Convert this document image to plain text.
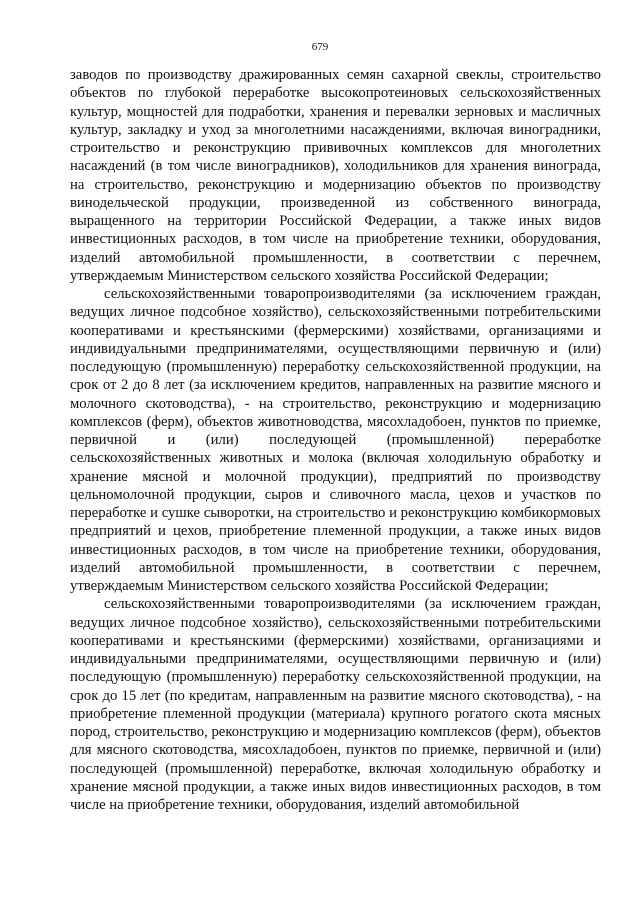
679

заводов по производству дражированных семян сахарной свеклы, строительство объектов по глубокой переработке высокопротеиновых сельскохозяйственных культур, мощностей для подработки, хранения и перевалки зерновых и масличных культур, закладку и уход за многолетними насаждениями, включая виноградники, строительство и реконструкцию прививочных комплексов для многолетних насаждений (в том числе виноградников), холодильников для хранения винограда, на строительство, реконструкцию и модернизацию объектов по производству винодельческой продукции, произведенной из собственного винограда, выращенного на территории Российской Федерации, а также иных видов инвестиционных расходов, в том числе на приобретение техники, оборудования, изделий автомобильной промышленности, в соответствии с перечнем, утверждаемым Министерством сельского хозяйства Российской Федерации;

сельскохозяйственными товаропроизводителями (за исключением граждан, ведущих личное подсобное хозяйство), сельскохозяйственными потребительскими кооперативами и крестьянскими (фермерскими) хозяйствами, организациями и индивидуальными предпринимателями, осуществляющими первичную и (или) последующую (промышленную) переработку сельскохозяйственной продукции, на срок от 2 до 8 лет (за исключением кредитов, направленных на развитие мясного и молочного скотоводства), - на строительство, реконструкцию и модернизацию комплексов (ферм), объектов животноводства, мясохладобоен, пунктов по приемке, первичной и (или) последующей (промышленной) переработке сельскохозяйственных животных и молока (включая холодильную обработку и хранение мясной и молочной продукции), предприятий по производству цельномолочной продукции, сыров и сливочного масла, цехов и участков по переработке и сушке сыворотки, на строительство и реконструкцию комбикормовых предприятий и цехов, приобретение племенной продукции, а также иных видов инвестиционных расходов, в том числе на приобретение техники, оборудования, изделий автомобильной промышленности, в соответствии с перечнем, утверждаемым Министерством сельского хозяйства Российской Федерации;

сельскохозяйственными товаропроизводителями (за исключением граждан, ведущих личное подсобное хозяйство), сельскохозяйственными потребительскими кооперативами и крестьянскими (фермерскими) хозяйствами, организациями и индивидуальными предпринимателями, осуществляющими первичную и (или) последующую (промышленную) переработку сельскохозяйственной продукции, на срок до 15 лет (по кредитам, направленным на развитие мясного скотоводства), - на приобретение племенной продукции (материала) крупного рогатого скота мясных пород, строительство, реконструкцию и модернизацию комплексов (ферм), объектов для мясного скотоводства, мясохладобоен, пунктов по приемке, первичной и (или) последующей (промышленной) переработке, включая холодильную обработку и хранение мясной продукции, а также иных видов инвестиционных расходов, в том числе на приобретение техники, оборудования, изделий автомобильной
